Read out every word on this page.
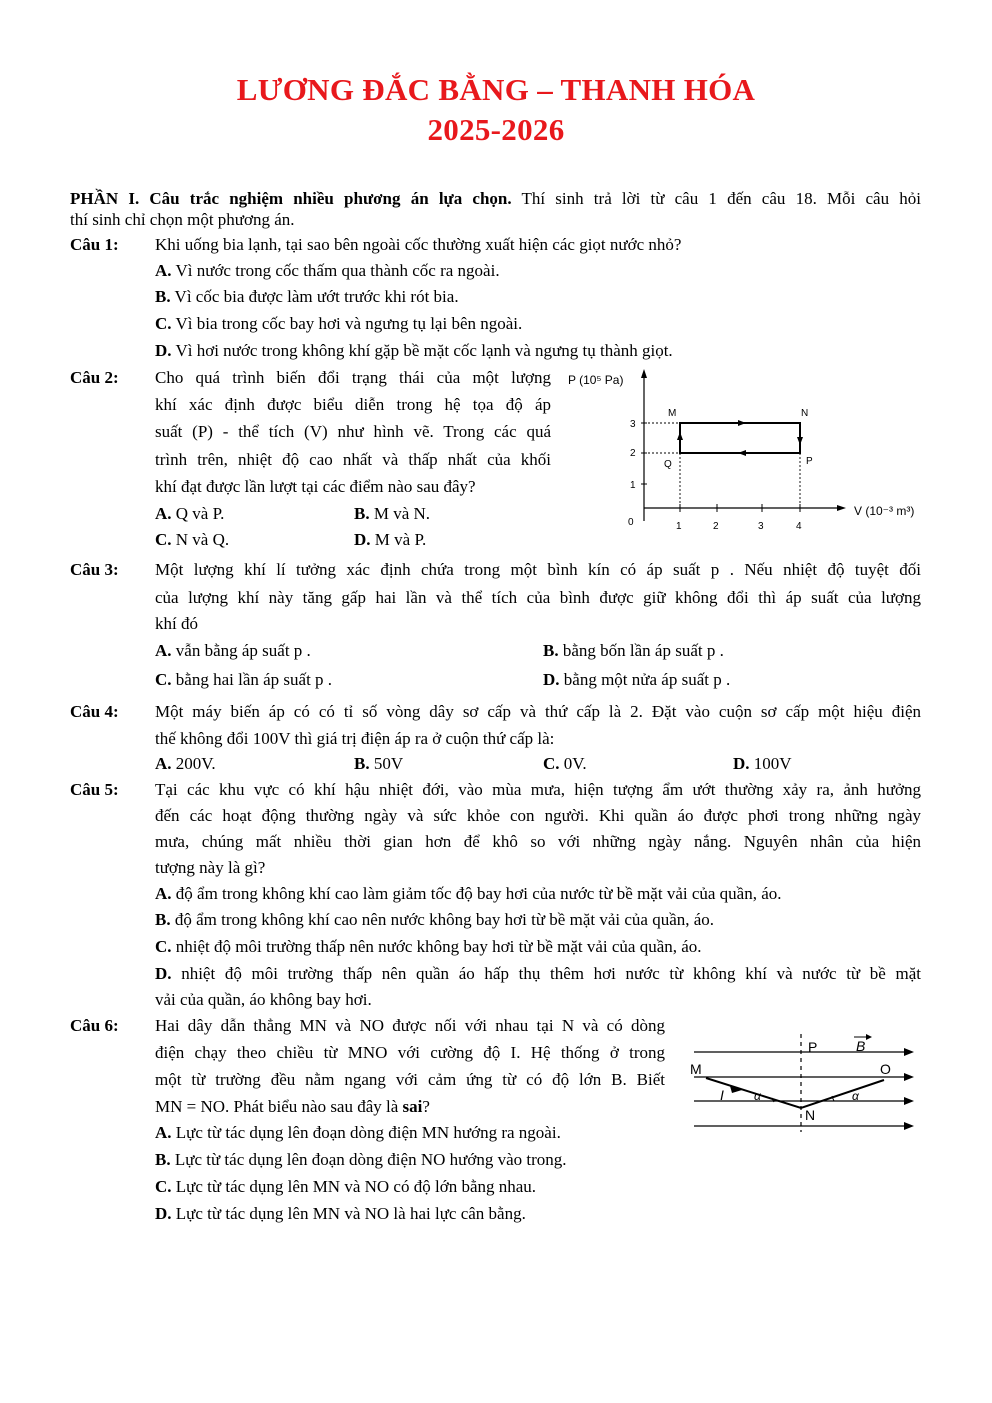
LƯƠNG ĐẮC BẰNG – THANH HÓA
2025-2026
PHẦN I. Câu trắc nghiệm nhiều phương án lựa chọn. Thí sinh trả lời từ câu 1 đến câu 18. Mỗi câu hỏi
thí sinh chỉ chọn một phương án.
Câu 1: Khi uống bia lạnh, tại sao bên ngoài cốc thường xuất hiện các giọt nước nhỏ?
A. Vì nước trong cốc thấm qua thành cốc ra ngoài.
B. Vì cốc bia được làm ướt trước khi rót bia.
C. Vì bia trong cốc bay hơi và ngưng tụ lại bên ngoài.
D. Vì hơi nước trong không khí gặp bề mặt cốc lạnh và ngưng tụ thành giọt.
Câu 2: Cho quá trình biến đổi trạng thái của một lượng
khí xác định được biểu diễn trong hệ tọa độ áp
suất (P) - thể tích (V) như hình vẽ. Trong các quá
trình trên, nhiệt độ cao nhất và thấp nhất của khối
khí đạt được lần lượt tại các điểm nào sau đây?
A. Q và P.	B. M và N.
C. N và Q.	D. M và P.
P (10⁵ Pa)
V (10⁻³ m³)
0
1
2
3
1	2	3	4
M	N
Q	P
Câu 3: Một lượng khí lí tưởng xác định chứa trong một bình kín có áp suất p . Nếu nhiệt độ tuyệt đối
của lượng khí này tăng gấp hai lần và thể tích của bình được giữ không đổi thì áp suất của lượng
khí đó
A. vẫn bằng áp suất p .	B. bằng bốn lần áp suất p .
C. bằng hai lần áp suất p .	D. bằng một nửa áp suất p .
Câu 4: Một máy biến áp có có tỉ số vòng dây sơ cấp và thứ cấp là 2. Đặt vào cuộn sơ cấp một hiệu điện
thế không đổi 100V thì giá trị điện áp ra ở cuộn thứ cấp là:
A. 200V.	B. 50V	C. 0V.	D. 100V
Câu 5: Tại các khu vực có khí hậu nhiệt đới, vào mùa mưa, hiện tượng ẩm ướt thường xảy ra, ảnh hưởng
đến các hoạt động thường ngày và sức khỏe con người. Khi quần áo được phơi trong những ngày
mưa, chúng mất nhiều thời gian hơn để khô so với những ngày nắng. Nguyên nhân của hiện
tượng này là gì?
A. độ ẩm trong không khí cao làm giảm tốc độ bay hơi của nước từ bề mặt vải của quần, áo.
B. độ ẩm trong không khí cao nên nước không bay hơi từ bề mặt vải của quần, áo.
C. nhiệt độ môi trường thấp nên nước không bay hơi từ bề mặt vải của quần, áo.
D. nhiệt độ môi trường thấp nên quần áo hấp thụ thêm hơi nước từ không khí và nước từ bề mặt
vải của quần, áo không bay hơi.
Câu 6: Hai dây dẫn thẳng MN và NO được nối với nhau tại N và có dòng
điện chạy theo chiều từ MNO với cường độ I. Hệ thống ở trong
một từ trường đều nằm ngang với cảm ứng từ có độ lớn B. Biết
MN = NO. Phát biểu nào sau đây là sai?
A. Lực từ tác dụng lên đoạn dòng điện MN hướng ra ngoài.
B. Lực từ tác dụng lên đoạn dòng điện NO hướng vào trong.
C. Lực từ tác dụng lên MN và NO có độ lớn bằng nhau.
D. Lực từ tác dụng lên MN và NO là hai lực cân bằng.
P	B
M	O
I	α	α
N
